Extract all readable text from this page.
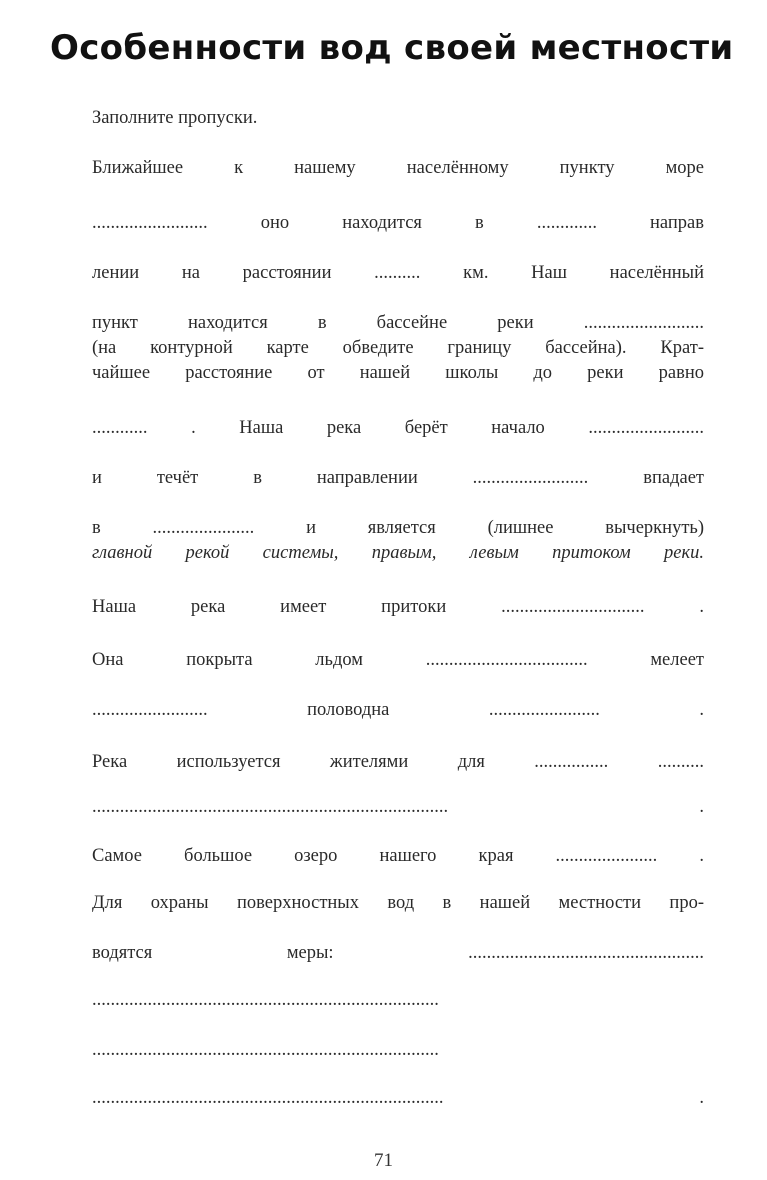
Особенности вод своей местности
Заполните пропуски.
Ближайшее к нашему населённому пункту море
......................... оно находится в ............. направ
лении на расстоянии .......... км. Наш населённый
пункт находится в бассейне реки ..........................
(на контурной карте обведите границу бассейна). Крат-
чайшее расстояние от нашей школы до реки равно
............ . Наша река берёт начало .........................
и течёт в направлении ......................... впадает
в ...................... и является (лишнее вычеркнуть)
главной рекой системы, правым, левым притоком реки.
Наша река имеет притоки ............................... .
Она покрыта льдом ................................... мелеет
......................... половодна ........................ .
Река используется жителями для ................ ..........
............................................................................. .
Самое большое озеро нашего края ...................... .
Для охраны поверхностных вод в нашей местности про-
водятся меры: ...................................................
...........................................................................
...........................................................................
............................................................................ .
71
